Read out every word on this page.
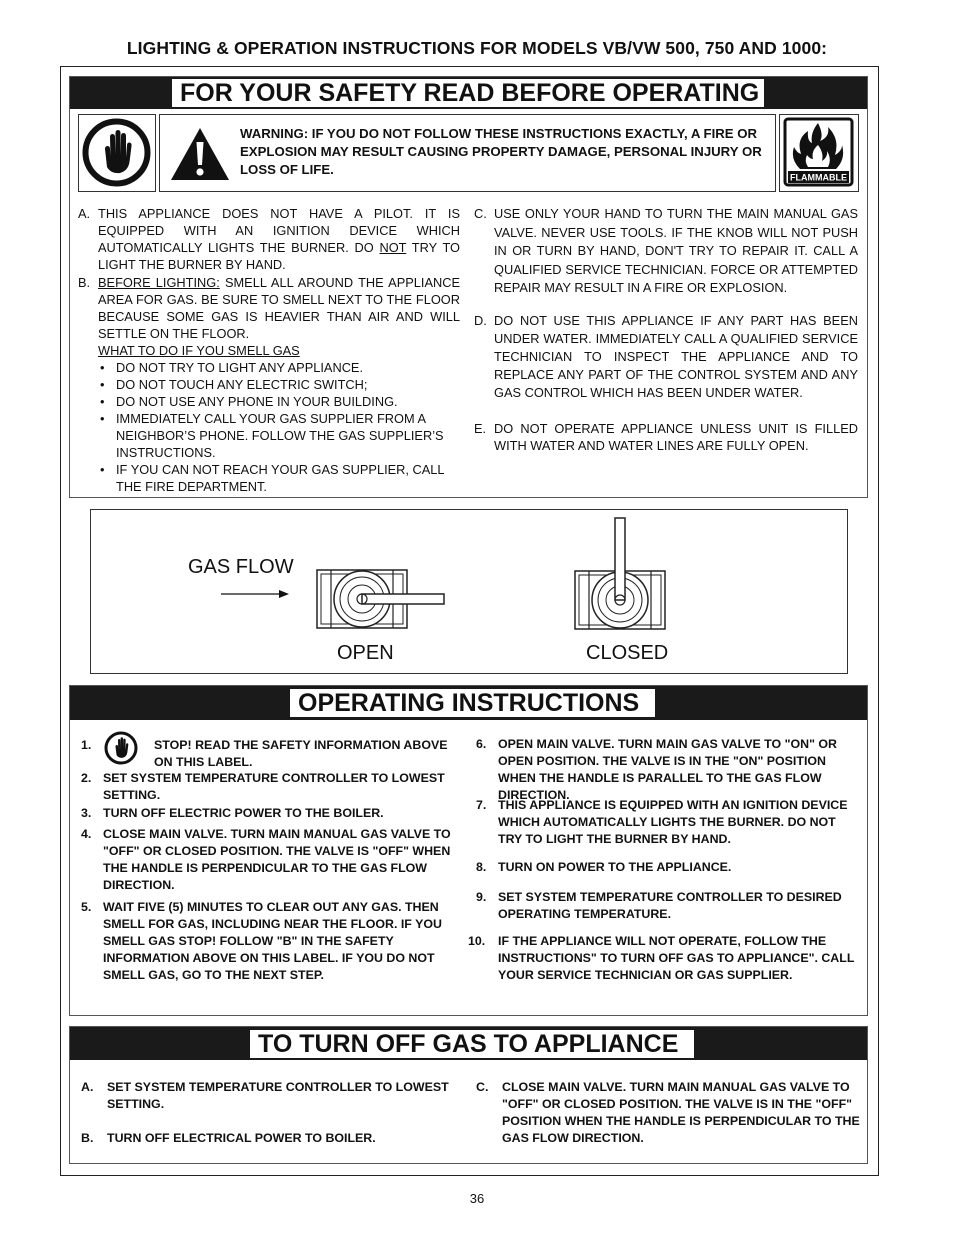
LIGHTING & OPERATION INSTRUCTIONS FOR MODELS VB/VW 500, 750 AND 1000:
FOR YOUR SAFETY READ BEFORE OPERATING
WARNING: IF YOU DO NOT FOLLOW THESE INSTRUCTIONS EXACTLY, A FIRE OR EXPLOSION MAY RESULT CAUSING PROPERTY DAMAGE, PERSONAL INJURY OR LOSS OF LIFE.
FLAMMABLE
A. THIS APPLIANCE DOES NOT HAVE A PILOT. IT IS EQUIPPED WITH AN IGNITION DEVICE WHICH AUTOMATICALLY LIGHTS THE BURNER. DO NOT TRY TO LIGHT THE BURNER BY HAND.
B. BEFORE LIGHTING: SMELL ALL AROUND THE APPLIANCE AREA FOR GAS. BE SURE TO SMELL NEXT TO THE FLOOR BECAUSE SOME GAS IS HEAVIER THAN AIR AND WILL SETTLE ON THE FLOOR.
WHAT TO DO IF YOU SMELL GAS
• DO NOT TRY TO LIGHT ANY APPLIANCE.
• DO NOT TOUCH ANY ELECTRIC SWITCH;
• DO NOT USE ANY PHONE IN YOUR BUILDING.
• IMMEDIATELY CALL YOUR GAS SUPPLIER FROM A NEIGHBOR’S PHONE. FOLLOW THE GAS SUPPLIER’S INSTRUCTIONS.
• IF YOU CAN NOT REACH YOUR GAS SUPPLIER, CALL THE FIRE DEPARTMENT.
C. USE ONLY YOUR HAND TO TURN THE MAIN MANUAL GAS VALVE. NEVER USE TOOLS. IF THE KNOB WILL NOT PUSH IN OR TURN BY HAND, DON'T TRY TO REPAIR IT. CALL A QUALIFIED SERVICE TECHNICIAN. FORCE OR ATTEMPTED REPAIR MAY RESULT IN A FIRE OR EXPLOSION.
D. DO NOT USE THIS APPLIANCE IF ANY PART HAS BEEN UNDER WATER. IMMEDIATELY CALL A QUALIFIED SERVICE TECHNICIAN TO INSPECT THE APPLIANCE AND TO REPLACE ANY PART OF THE CONTROL SYSTEM AND ANY GAS CONTROL WHICH HAS BEEN UNDER WATER.
E. DO NOT OPERATE APPLIANCE UNLESS UNIT IS FILLED WITH WATER AND WATER LINES ARE FULLY OPEN.
GAS FLOW
OPEN	CLOSED
OPERATING INSTRUCTIONS
1.	STOP! READ THE SAFETY INFORMATION ABOVE ON THIS LABEL.
2. SET SYSTEM TEMPERATURE CONTROLLER TO LOWEST SETTING.
3. TURN OFF ELECTRIC POWER TO THE BOILER.
4. CLOSE MAIN VALVE. TURN MAIN MANUAL GAS VALVE TO "OFF" OR CLOSED POSITION. THE VALVE IS "OFF" WHEN THE HANDLE IS PERPENDICULAR TO THE GAS FLOW DIRECTION.
5. WAIT FIVE (5) MINUTES TO CLEAR OUT ANY GAS. THEN SMELL FOR GAS, INCLUDING NEAR THE FLOOR. IF YOU SMELL GAS STOP! FOLLOW "B" IN THE SAFETY INFORMATION ABOVE ON THIS LABEL. IF YOU DO NOT SMELL GAS, GO TO THE NEXT STEP.
6. OPEN MAIN VALVE. TURN MAIN GAS VALVE TO "ON" OR OPEN POSITION. THE VALVE IS IN THE "ON" POSITION WHEN THE HANDLE IS PARALLEL TO THE GAS FLOW DIRECTION.
7. THIS APPLIANCE IS EQUIPPED WITH AN IGNITION DEVICE WHICH AUTOMATICALLY LIGHTS THE BURNER. DO NOT TRY TO LIGHT THE BURNER BY HAND.
8. TURN ON POWER TO THE APPLIANCE.
9. SET SYSTEM TEMPERATURE CONTROLLER TO DESIRED OPERATING TEMPERATURE.
10.	IF THE APPLIANCE WILL NOT OPERATE, FOLLOW THE INSTRUCTIONS" TO TURN OFF GAS TO APPLIANCE". CALL YOUR SERVICE TECHNICIAN OR GAS SUPPLIER.
TO TURN OFF GAS TO APPLIANCE
A.	SET SYSTEM TEMPERATURE CONTROLLER TO LOWEST SETTING.
B.	TURN OFF ELECTRICAL POWER TO BOILER.
C.	CLOSE MAIN VALVE. TURN MAIN MANUAL GAS VALVE TO "OFF" OR CLOSED POSITION. THE VALVE IS IN THE "OFF" POSITION WHEN THE HANDLE IS PERPENDICULAR TO THE GAS FLOW DIRECTION.
36
